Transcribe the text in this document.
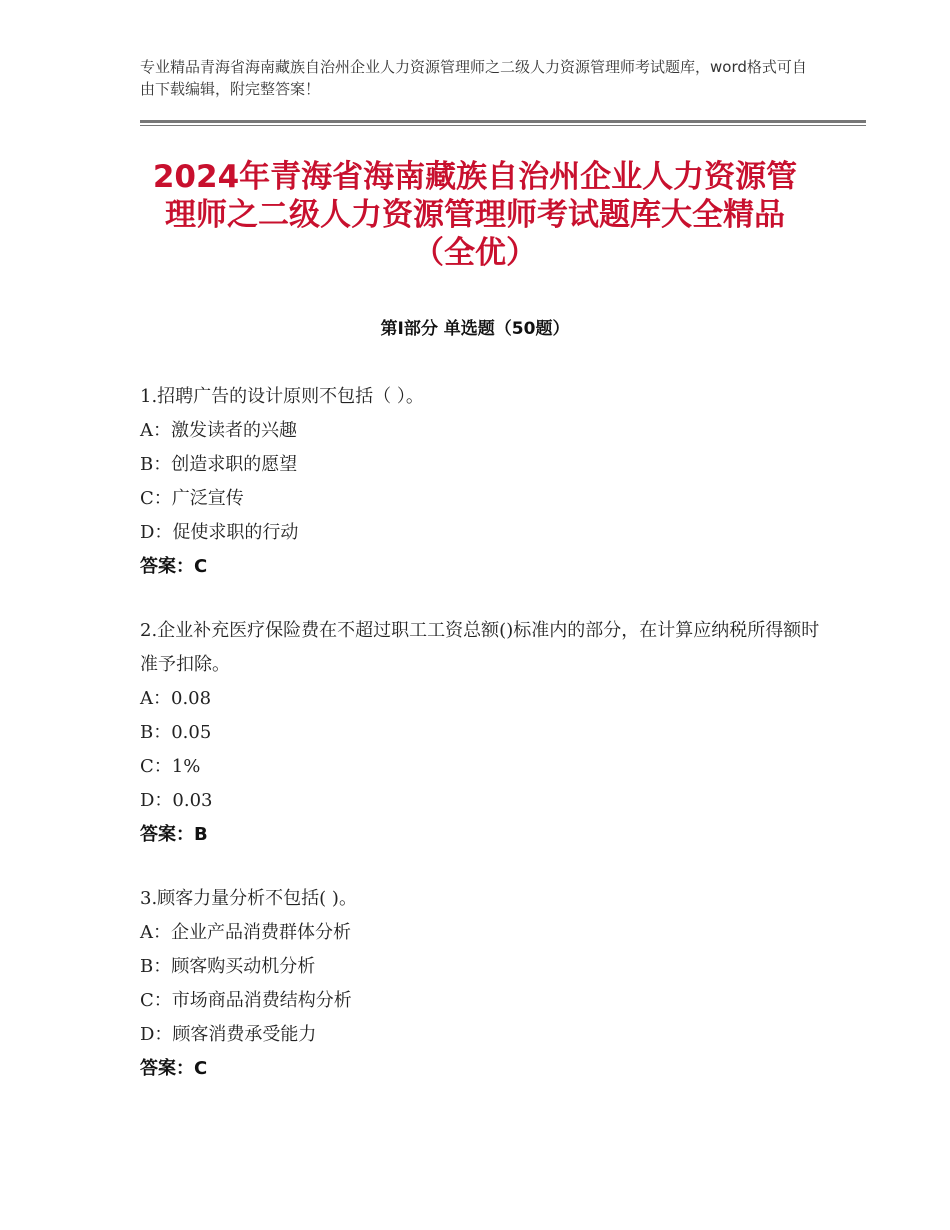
专业精品青海省海南藏族自治州企业人力资源管理师之二级人力资源管理师考试题库，word格式可自由下载编辑，附完整答案！
2024年青海省海南藏族自治州企业人力资源管理师之二级人力资源管理师考试题库大全精品（全优）
第Ⅰ部分 单选题（50题）
1.招聘广告的设计原则不包括（ ）。
A：激发读者的兴趣
B：创造求职的愿望
C：广泛宣传
D：促使求职的行动
答案：C
2.企业补充医疗保险费在不超过职工工资总额()标准内的部分，在计算应纳税所得额时准予扣除。
A：0.08
B：0.05
C：1%
D：0.03
答案：B
3.顾客力量分析不包括( )。
A：企业产品消费群体分析
B：顾客购买动机分析
C：市场商品消费结构分析
D：顾客消费承受能力
答案：C
